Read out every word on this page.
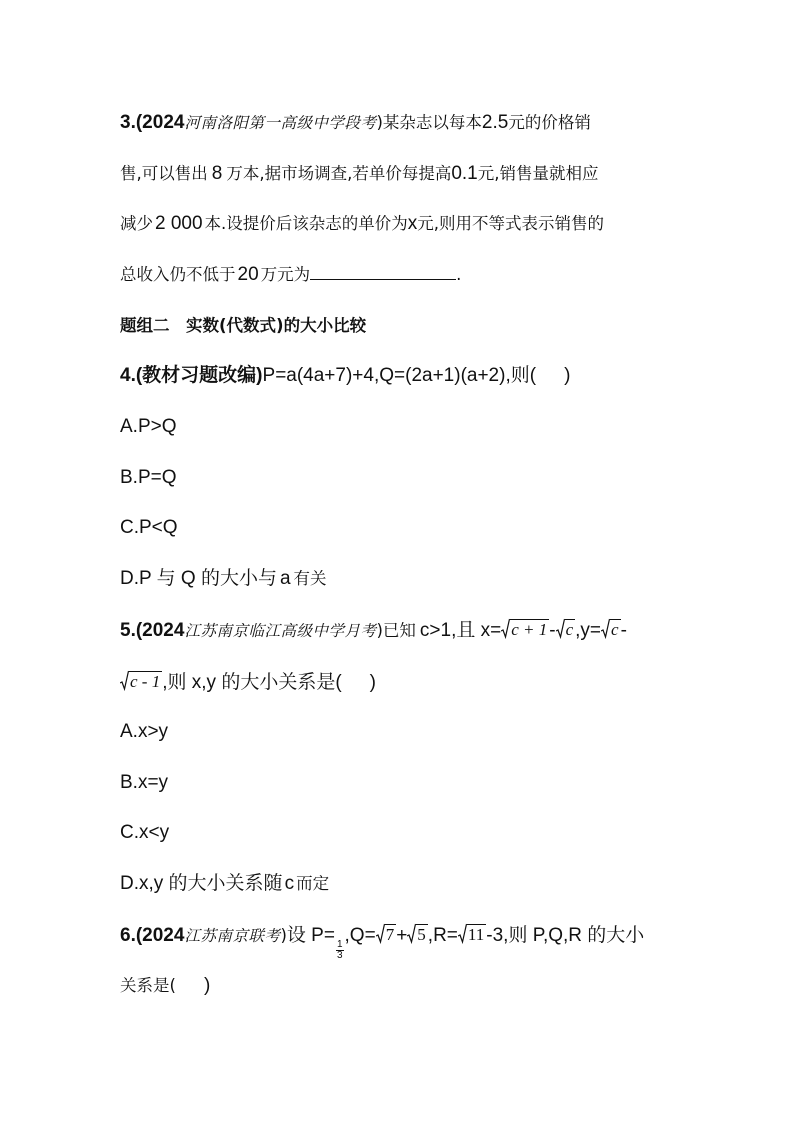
3.(2024河南洛阳第一高级中学段考)某杂志以每本2.5元的价格销
售,可以售出 8 万本,据市场调查,若单价每提高0.1元,销售量就相应
减少 2 000 本.设提价后该杂志的单价为x元,则用不等式表示销售的
总收入仍不低于 20 万元为	.
题组二　实数(代数式)的大小比较
4.(教材习题改编)P=a(4a+7)+4,Q=(2a+1)(a+2),则( )
A.P>Q
B.P=Q
C.P<Q
D.P 与 Q 的大小与 a 有关
5.(2024江苏南京临江高级中学月考)已知 c>1,且 x= c + 1 - c ,y= c -
c - 1 ,则 x,y 的大小关系是( )
A.x>y
B.x=y
C.x<y
D.x,y 的大小关系随 c 而定
6.(2024江苏南京联考)设 P=
$\frac{1}{3}$
,Q= 7 + 5 ,R= 11 -3,则 P,Q,R 的大小
关系是( )
